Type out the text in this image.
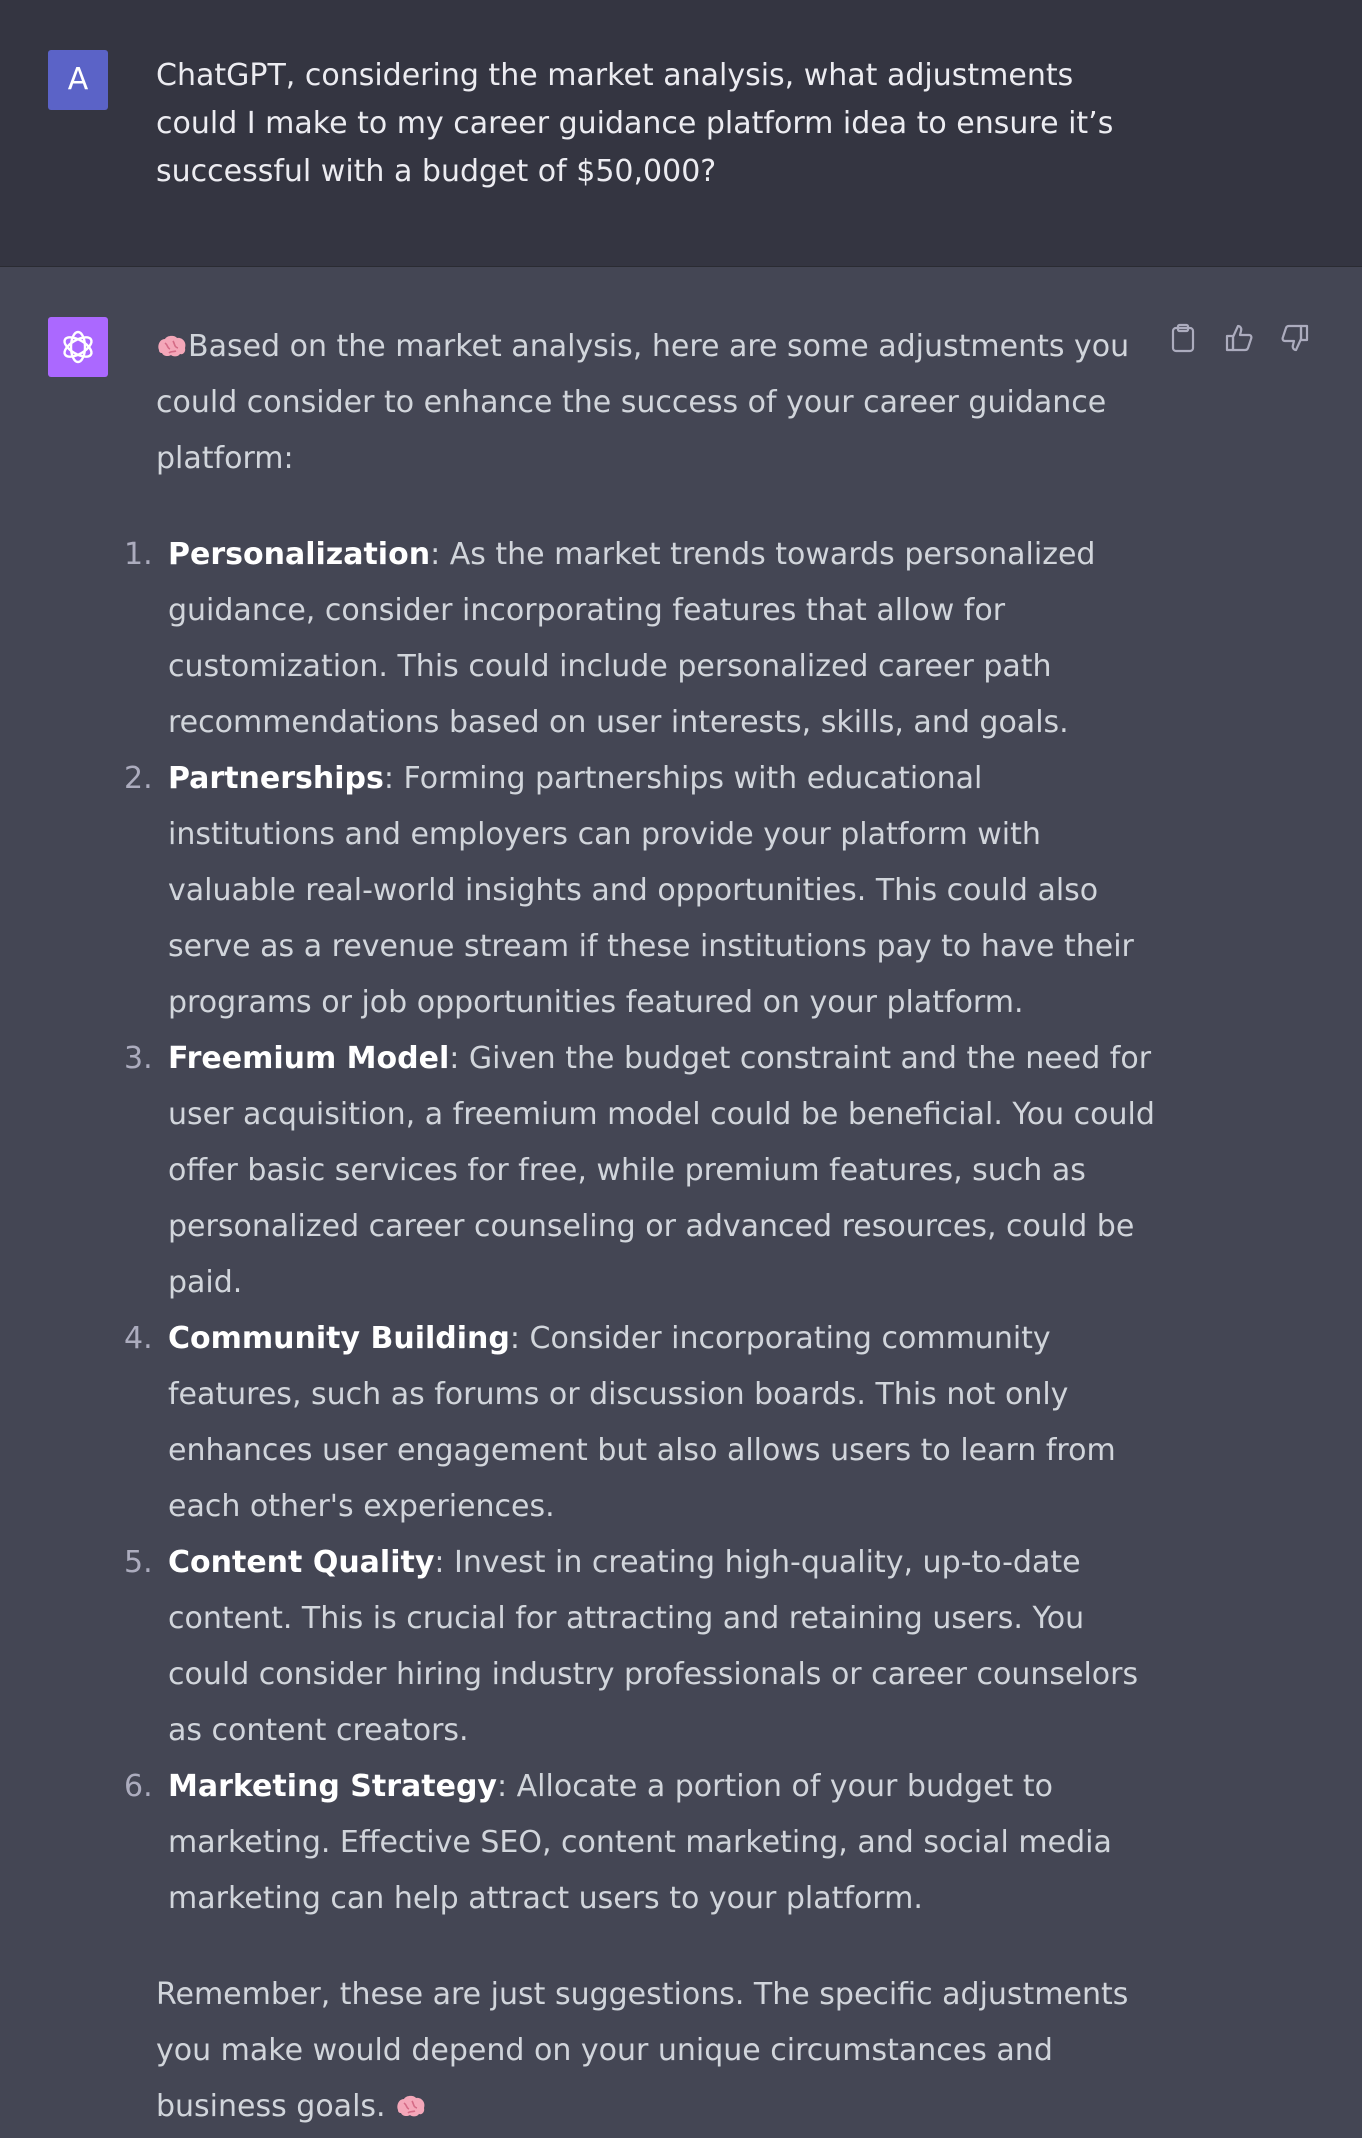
A	ChatGPT, considering the market analysis, what adjustments could I make to my career guidance platform idea to ensure it’s successful with a budget of $50,000?

Based on the market analysis, here are some adjustments you could consider to enhance the success of your career guidance platform:

1. Personalization: As the market trends towards personalized guidance, consider incorporating features that allow for customization. This could include personalized career path recommendations based on user interests, skills, and goals.
2. Partnerships: Forming partnerships with educational institutions and employers can provide your platform with valuable real-world insights and opportunities. This could also serve as a revenue stream if these institutions pay to have their programs or job opportunities featured on your platform.
3. Freemium Model: Given the budget constraint and the need for user acquisition, a freemium model could be beneficial. You could offer basic services for free, while premium features, such as personalized career counseling or advanced resources, could be paid.
4. Community Building: Consider incorporating community features, such as forums or discussion boards. This not only enhances user engagement but also allows users to learn from each other's experiences.
5. Content Quality: Invest in creating high-quality, up-to-date content. This is crucial for attracting and retaining users. You could consider hiring industry professionals or career counselors as content creators.
6. Marketing Strategy: Allocate a portion of your budget to marketing. Effective SEO, content marketing, and social media marketing can help attract users to your platform.

Remember, these are just suggestions. The specific adjustments you make would depend on your unique circumstances and business goals.
